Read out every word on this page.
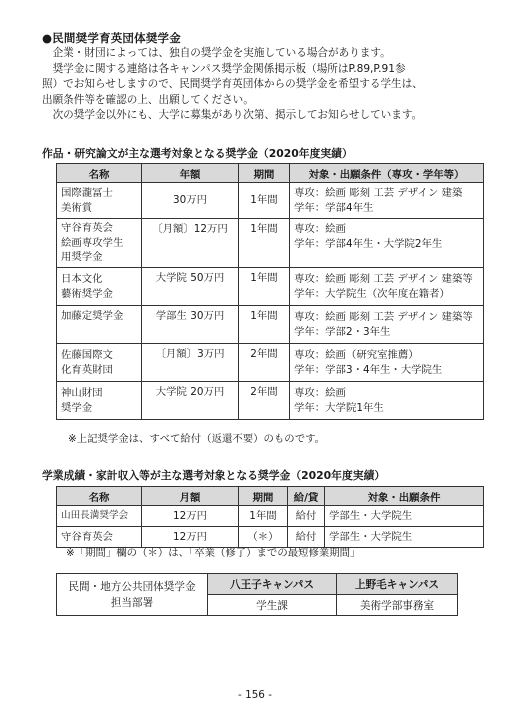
●民間奨学育英団体奨学金

企業・財団によっては、独自の奨学金を実施している場合があります。

奨学金に関する連絡は各キャンパス奨学金関係掲示板（場所はP.89,P.91参

照）でお知らせしますので、民間奨学育英団体からの奨学金を希望する学生は、

出願条件等を確認の上、出願してください。

次の奨学金以外にも、大学に募集があり次第、掲示してお知らせしています。

作品・研究論文が主な選考対象となる奨学金（2020年度実績）
名称	年額	期間	対象・出願条件（専攻・学年等）
国際瀧冨士
美術賞	30万円	1年間	専攻：絵画 彫刻 工芸 デザイン 建築
学年：学部4年生
守谷育英会
絵画専攻学生
用奨学金	〔月額〕12万円	1年間	専攻：絵画
学年：学部4年生・大学院2年生
日本文化
藝術奨学金	大学院 50万円	1年間	専攻：絵画 彫刻 工芸 デザイン 建築等
学年：大学院生（次年度在籍者）
加藤定奨学金	学部生 30万円	1年間	専攻：絵画 彫刻 工芸 デザイン 建築等
学年：学部2・3年生
佐藤国際文
化育英財団	〔月額〕3万円	2年間	専攻：絵画（研究室推薦）
学年：学部3・4年生・大学院生
神山財団
奨学金	大学院 20万円	2年間	専攻：絵画
学年：大学院1年生
※上記奨学金は、すべて給付（返還不要）のものです。
学業成績・家計収入等が主な選考対象となる奨学金（2020年度実績）
名称	月額	期間	給/貸	対象・出願条件
山田長満奨学会	12万円	1年間	給付	学部生・大学院生
守谷育英会	12万円	（＊）	給付	学部生・大学院生
※「期間」欄の（＊）は、「卒業（修了）までの最短修業期間」
民間・地方公共団体奨学金
担当部署	八王子キャンパス	上野毛キャンパス
	学生課	美術学部事務室
- 156 -
